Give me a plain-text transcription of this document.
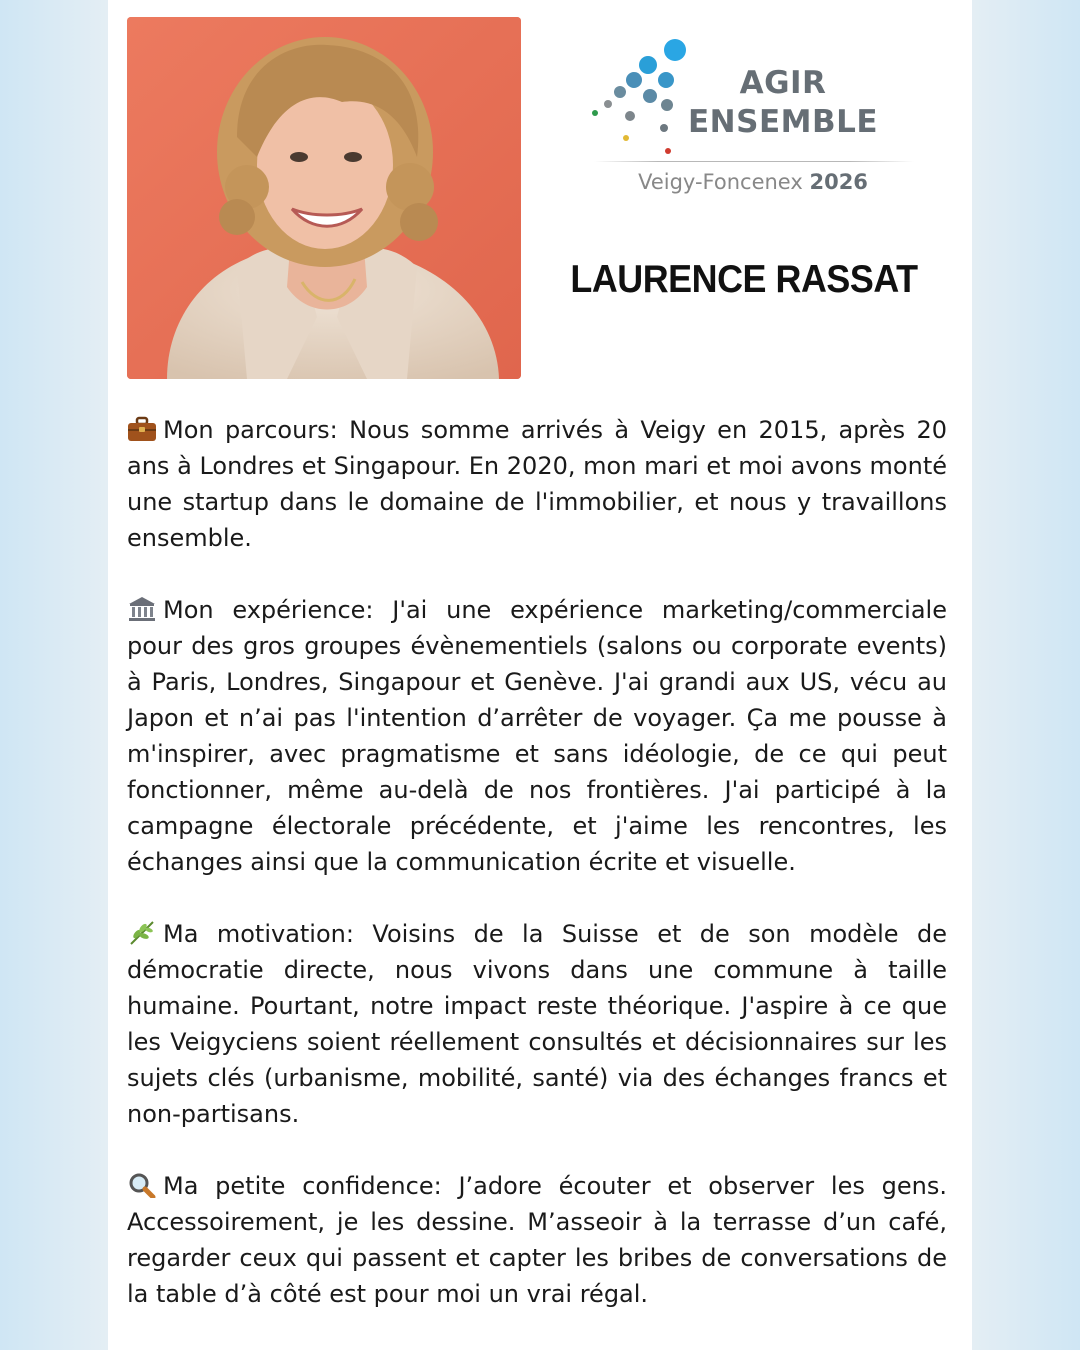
AGIR
ENSEMBLE
Veigy-Foncenex 2026
LAURENCE RASSAT

Mon parcours: Nous somme arrivés à Veigy en 2015, après 20 ans à Londres et Singapour. En 2020, mon mari et moi avons monté une startup dans le domaine de l'immobilier, et nous y travaillons ensemble.

Mon expérience: J'ai une expérience marketing/commerciale pour des gros groupes évènementiels (salons ou corporate events) à Paris, Londres, Singapour et Genève. J'ai grandi aux US, vécu au Japon et n’ai pas l'intention d’arrêter de voyager. Ça me pousse à m'inspirer, avec pragmatisme et sans idéologie, de ce qui peut fonctionner, même au-delà de nos frontières. J'ai participé à la campagne électorale précédente, et j'aime les rencontres, les échanges ainsi que la communication écrite et visuelle.

Ma motivation: Voisins de la Suisse et de son modèle de démocratie directe, nous vivons dans une commune à taille humaine. Pourtant, notre impact reste théorique. J'aspire à ce que les Veigyciens soient réellement consultés et décisionnaires sur les sujets clés (urbanisme, mobilité, santé) via des échanges francs et non-partisans.

Ma petite confidence: J’adore écouter et observer les gens. Accessoirement, je les dessine. M’asseoir à la terrasse d’un café, regarder ceux qui passent et capter les bribes de conversations de la table d’à côté est pour moi un vrai régal.
